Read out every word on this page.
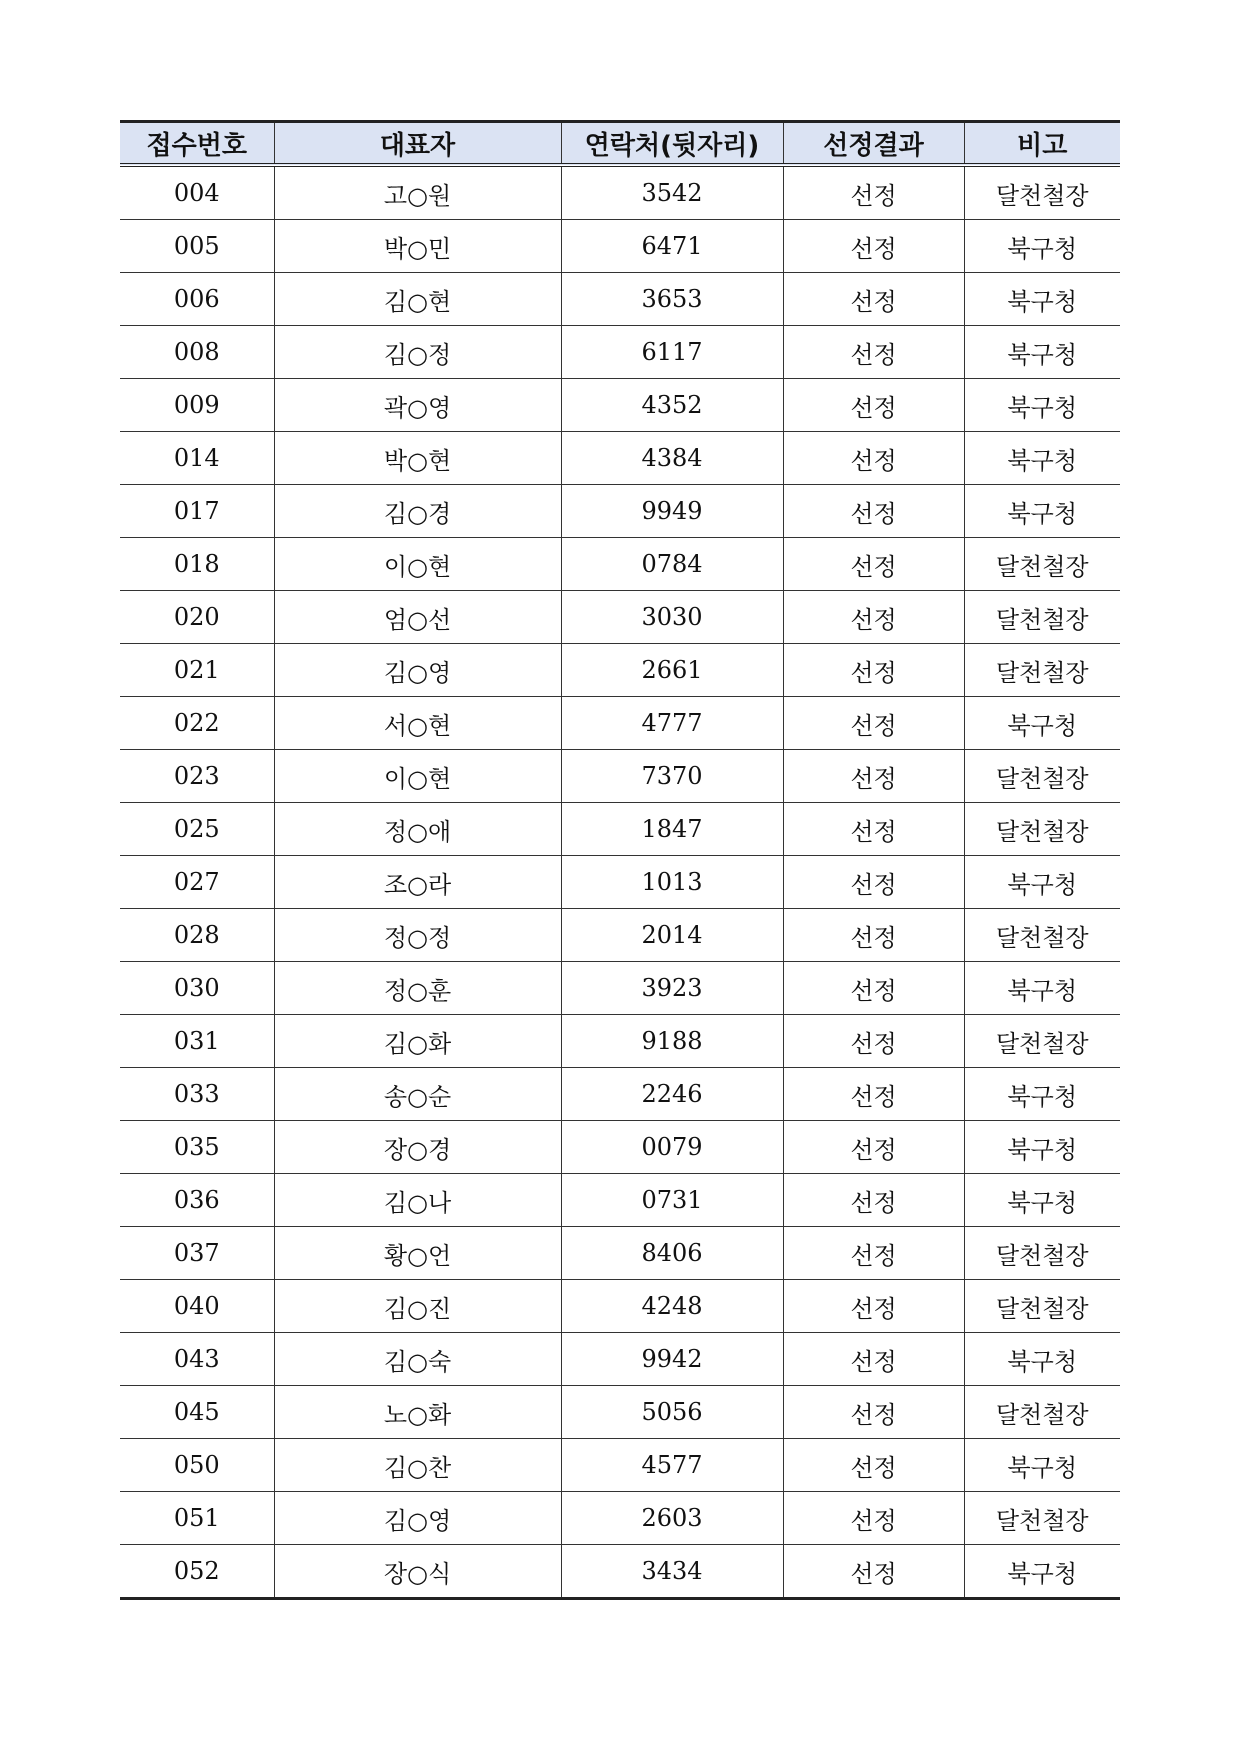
접수번호	대표자	연락처(뒷자리)	선정결과	비고
004	고○원	3542	선정	달천철장
005	박○민	6471	선정	북구청
006	김○현	3653	선정	북구청
008	김○정	6117	선정	북구청
009	곽○영	4352	선정	북구청
014	박○현	4384	선정	북구청
017	김○경	9949	선정	북구청
018	이○현	0784	선정	달천철장
020	엄○선	3030	선정	달천철장
021	김○영	2661	선정	달천철장
022	서○현	4777	선정	북구청
023	이○현	7370	선정	달천철장
025	정○애	1847	선정	달천철장
027	조○라	1013	선정	북구청
028	정○정	2014	선정	달천철장
030	정○훈	3923	선정	북구청
031	김○화	9188	선정	달천철장
033	송○순	2246	선정	북구청
035	장○경	0079	선정	북구청
036	김○나	0731	선정	북구청
037	황○언	8406	선정	달천철장
040	김○진	4248	선정	달천철장
043	김○숙	9942	선정	북구청
045	노○화	5056	선정	달천철장
050	김○찬	4577	선정	북구청
051	김○영	2603	선정	달천철장
052	장○식	3434	선정	북구청
